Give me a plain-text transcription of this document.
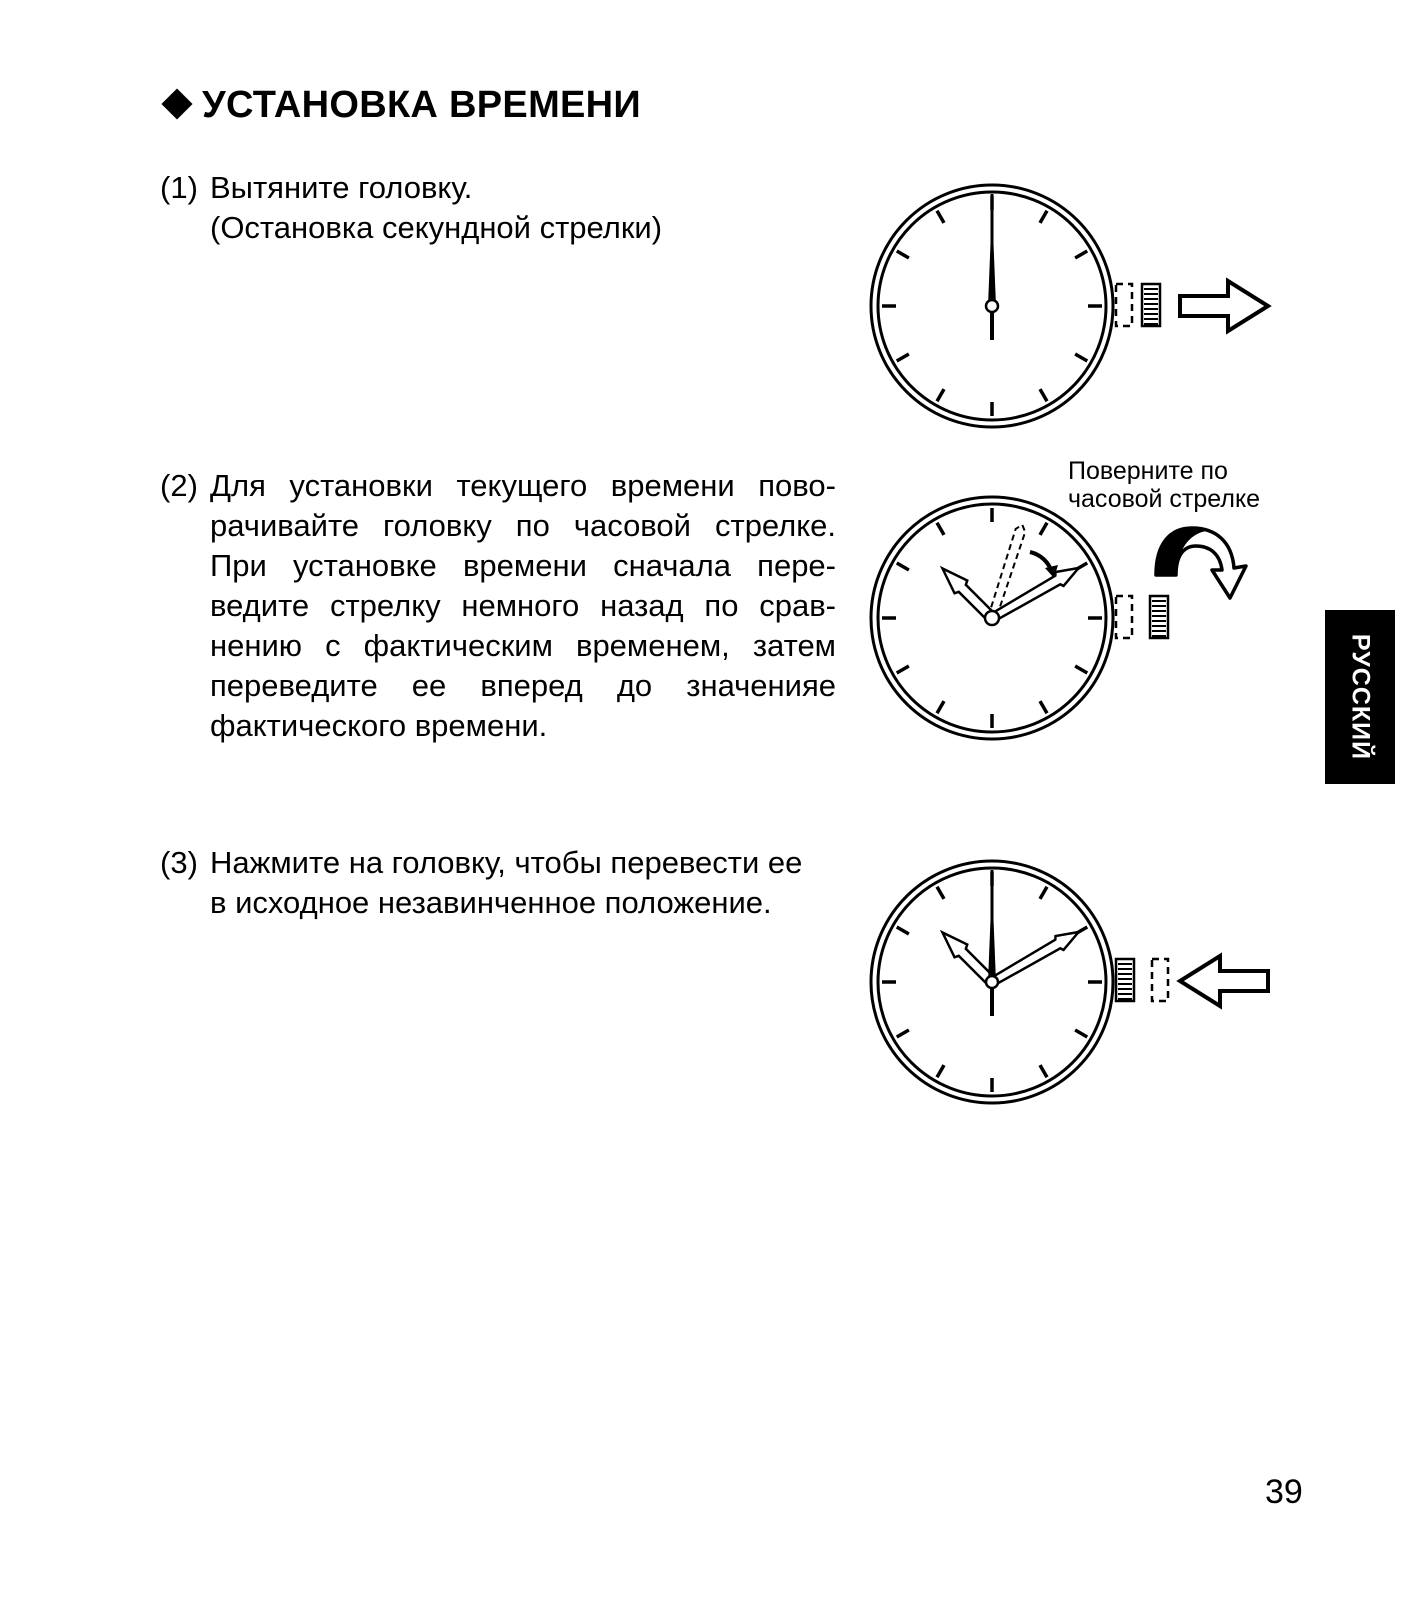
УСТАНОВКА ВРЕМЕНИ
(1) Вытяните головку.

(Остановка секундной стрелки)

(2) Для установки текущего времени пово-

рачивайте головку по часовой стрелке.

При установке времени сначала пере-

ведите стрелку немного назад по срав-

нению с фактическим временем, затем

переведите ее вперед до значенияе

фактического времени.

(3) Нажмите на головку, чтобы перевести ее

в исходное незавинченное положение.

Поверните по

часовой стрелке

РУССКИЙ
39
